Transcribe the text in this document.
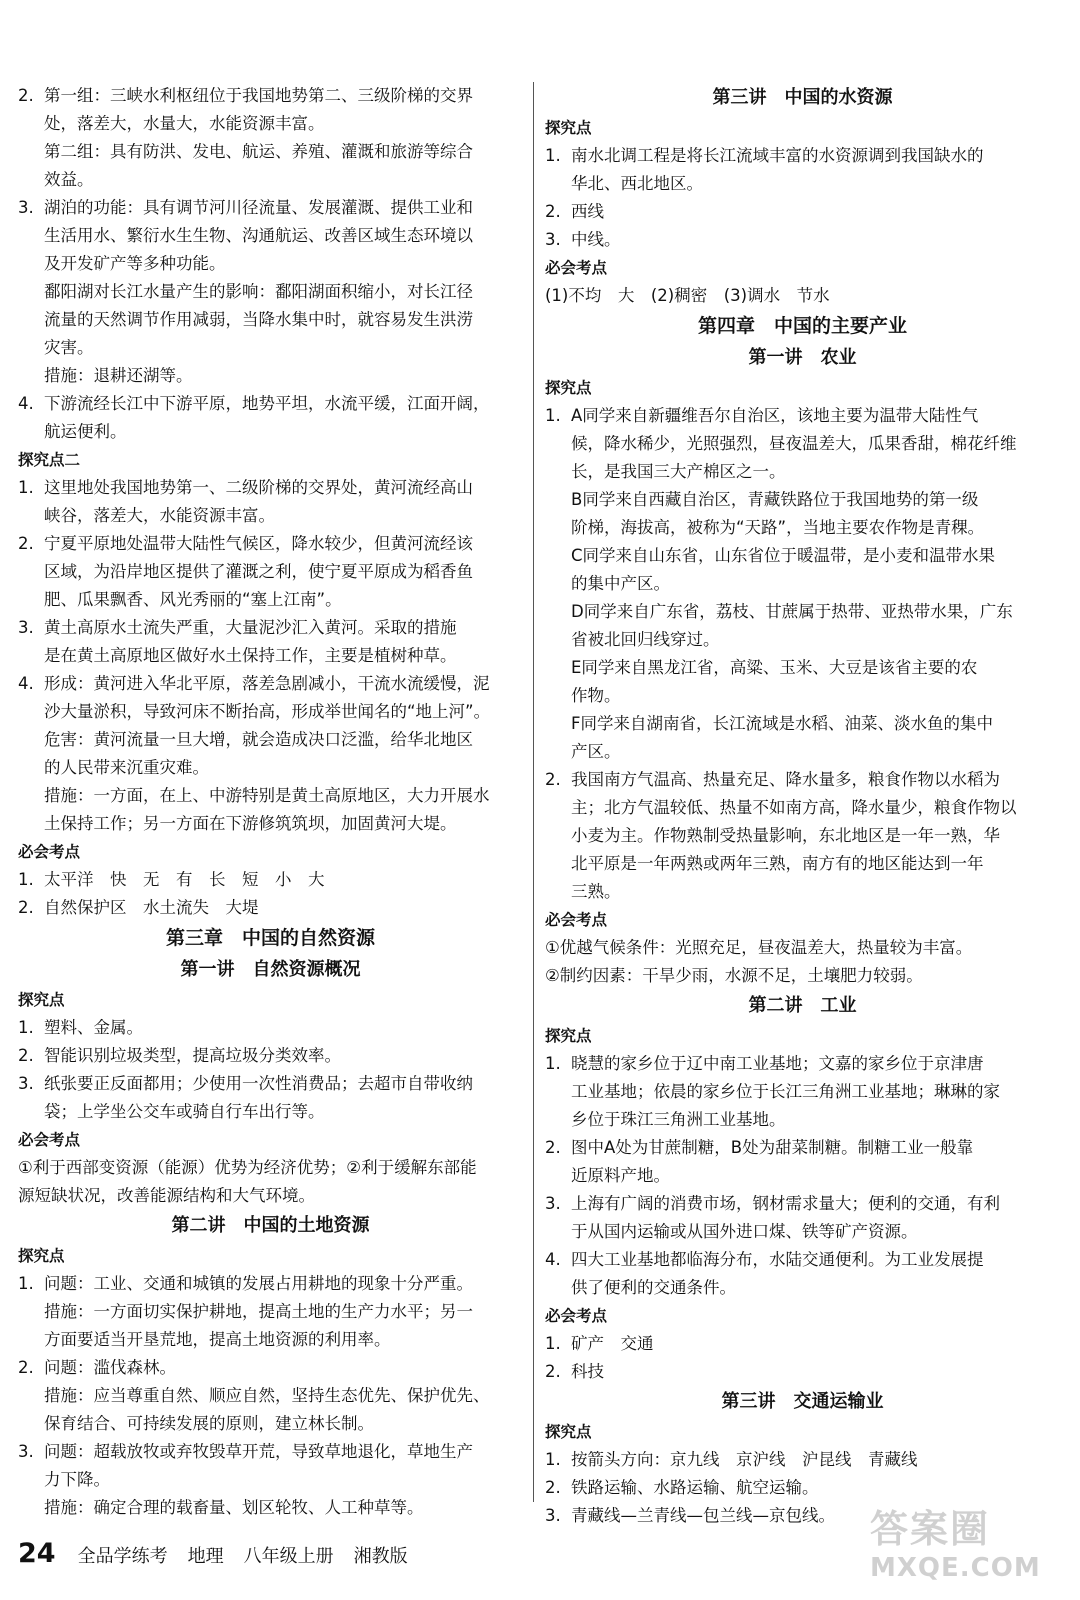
2. 第一组：三峡水利枢纽位于我国地势第二、三级阶梯的交界
处，落差大，水量大，水能资源丰富。
第二组：具有防洪、发电、航运、养殖、灌溉和旅游等综合
效益。
3. 湖泊的功能：具有调节河川径流量、发展灌溉、提供工业和
生活用水、繁衍水生生物、沟通航运、改善区域生态环境以
及开发矿产等多种功能。
鄱阳湖对长江水量产生的影响：鄱阳湖面积缩小，对长江径
流量的天然调节作用减弱，当降水集中时，就容易发生洪涝
灾害。
措施：退耕还湖等。
4. 下游流经长江中下游平原，地势平坦，水流平缓，江面开阔，
航运便利。
探究点二
1. 这里地处我国地势第一、二级阶梯的交界处，黄河流经高山
峡谷，落差大，水能资源丰富。
2. 宁夏平原地处温带大陆性气候区，降水较少，但黄河流经该
区域，为沿岸地区提供了灌溉之利，使宁夏平原成为稻香鱼
肥、瓜果飘香、风光秀丽的“塞上江南”。
3. 黄土高原水土流失严重，大量泥沙汇入黄河。采取的措施
是在黄土高原地区做好水土保持工作，主要是植树种草。
4. 形成：黄河进入华北平原，落差急剧减小，干流水流缓慢，泥
沙大量淤积，导致河床不断抬高，形成举世闻名的“地上河”。
危害：黄河流量一旦大增，就会造成决口泛滥，给华北地区
的人民带来沉重灾难。
措施：一方面，在上、中游特别是黄土高原地区，大力开展水
土保持工作；另一方面在下游修筑筑坝，加固黄河大堤。
必会考点
1. 太平洋　快　无　有　长　短　小　大
2. 自然保护区　水土流失　大堤
第三章　中国的自然资源
第一讲　自然资源概况
探究点
1. 塑料、金属。
2. 智能识别垃圾类型，提高垃圾分类效率。
3. 纸张要正反面都用；少使用一次性消费品；去超市自带收纳
袋；上学坐公交车或骑自行车出行等。
必会考点
①利于西部变资源（能源）优势为经济优势；②利于缓解东部能
源短缺状况，改善能源结构和大气环境。
第二讲　中国的土地资源
探究点
1. 问题：工业、交通和城镇的发展占用耕地的现象十分严重。
措施：一方面切实保护耕地，提高土地的生产力水平；另一
方面要适当开垦荒地，提高土地资源的利用率。
2. 问题：滥伐森林。
措施：应当尊重自然、顺应自然，坚持生态优先、保护优先、
保育结合、可持续发展的原则，建立林长制。
3. 问题：超载放牧或弃牧毁草开荒，导致草地退化，草地生产
力下降。
措施：确定合理的载畜量、划区轮牧、人工种草等。
第三讲　中国的水资源
探究点
1. 南水北调工程是将长江流域丰富的水资源调到我国缺水的
华北、西北地区。
2. 西线
3. 中线。
必会考点
(1)不均　大　(2)稠密　(3)调水　节水
第四章　中国的主要产业
第一讲　农业
探究点
1. A同学来自新疆维吾尔自治区，该地主要为温带大陆性气
候，降水稀少，光照强烈，昼夜温差大，瓜果香甜，棉花纤维
长，是我国三大产棉区之一。
B同学来自西藏自治区，青藏铁路位于我国地势的第一级
阶梯，海拔高，被称为“天路”，当地主要农作物是青稞。
C同学来自山东省，山东省位于暖温带，是小麦和温带水果
的集中产区。
D同学来自广东省，荔枝、甘蔗属于热带、亚热带水果，广东
省被北回归线穿过。
E同学来自黑龙江省，高粱、玉米、大豆是该省主要的农
作物。
F同学来自湖南省，长江流域是水稻、油菜、淡水鱼的集中
产区。
2. 我国南方气温高、热量充足、降水量多，粮食作物以水稻为
主；北方气温较低、热量不如南方高，降水量少，粮食作物以
小麦为主。作物熟制受热量影响，东北地区是一年一熟，华
北平原是一年两熟或两年三熟，南方有的地区能达到一年
三熟。
必会考点
①优越气候条件：光照充足，昼夜温差大，热量较为丰富。
②制约因素：干旱少雨，水源不足，土壤肥力较弱。
第二讲　工业
探究点
1. 晓慧的家乡位于辽中南工业基地；文嘉的家乡位于京津唐
工业基地；依晨的家乡位于长江三角洲工业基地；琳琳的家
乡位于珠江三角洲工业基地。
2. 图中A处为甘蔗制糖，B处为甜菜制糖。制糖工业一般靠
近原料产地。
3. 上海有广阔的消费市场，钢材需求量大；便利的交通，有利
于从国内运输或从国外进口煤、铁等矿产资源。
4. 四大工业基地都临海分布，水陆交通便利。为工业发展提
供了便利的交通条件。
必会考点
1. 矿产　交通
2. 科技
第三讲　交通运输业
探究点
1. 按箭头方向：京九线　京沪线　沪昆线　青藏线
2. 铁路运输、水路运输、航空运输。
3. 青藏线—兰青线—包兰线—京包线。
24 全品学练考 地理 八年级上册 湘教版
答案圈
MXQE.COM
